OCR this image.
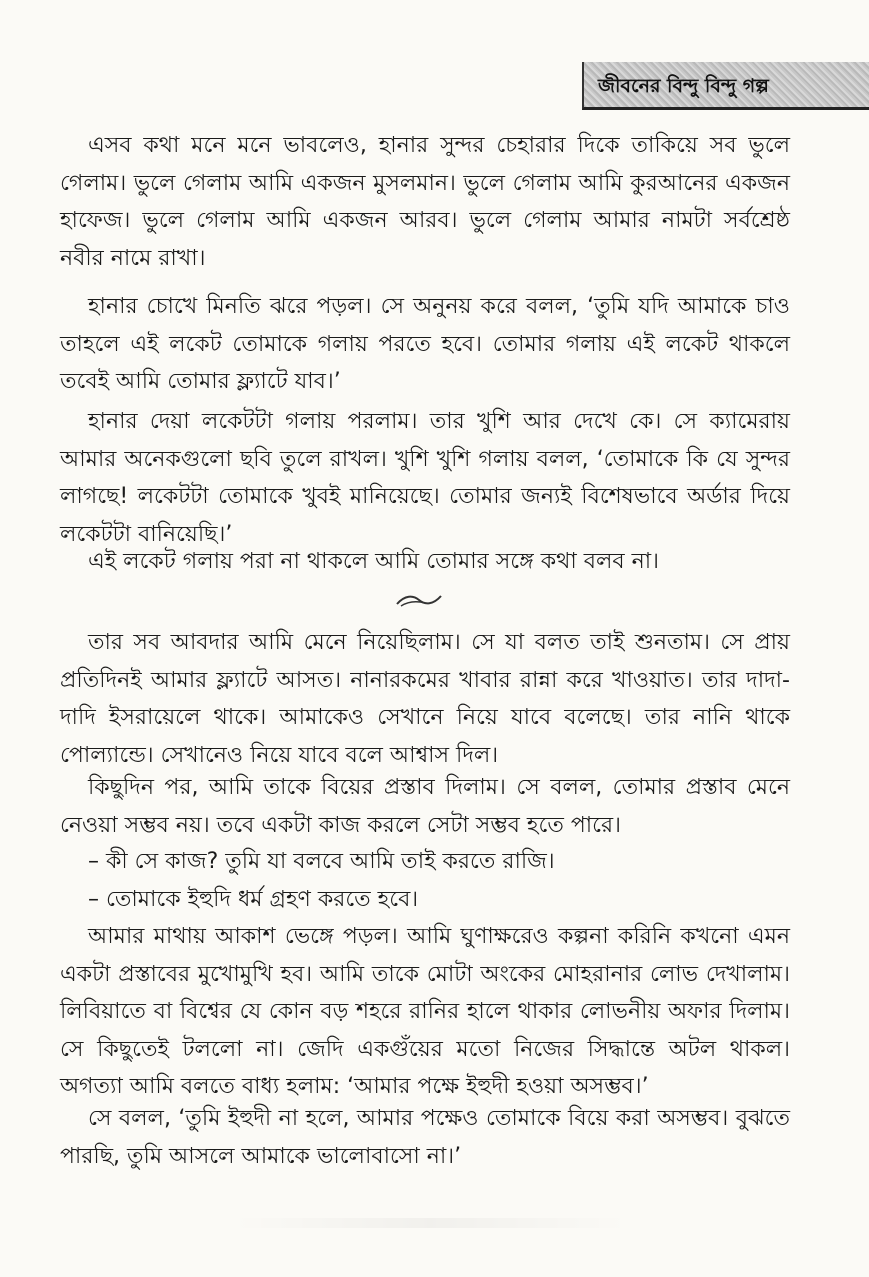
জীবনের বিন্দু বিন্দু গল্প

এসব কথা মনে মনে ভাবলেও, হানার সুন্দর চেহারার দিকে তাকিয়ে সব ভুলে গেলাম। ভুলে গেলাম আমি একজন মুসলমান। ভুলে গেলাম আমি কুরআনের একজন হাফেজ। ভুলে গেলাম আমি একজন আরব। ভুলে গেলাম আমার নামটা সর্বশ্রেষ্ঠ নবীর নামে রাখা।

হানার চোখে মিনতি ঝরে পড়ল। সে অনুনয় করে বলল, ‘তুমি যদি আমাকে চাও তাহলে এই লকেট তোমাকে গলায় পরতে হবে। তোমার গলায় এই লকেট থাকলে তবেই আমি তোমার ফ্ল্যাটে যাব।’

হানার দেয়া লকেটটা গলায় পরলাম। তার খুশি আর দেখে কে। সে ক্যামেরায় আমার অনেকগুলো ছবি তুলে রাখল। খুশি খুশি গলায় বলল, ‘তোমাকে কি যে সুন্দর লাগছে! লকেটটা তোমাকে খুবই মানিয়েছে। তোমার জন্যই বিশেষভাবে অর্ডার দিয়ে লকেটটা বানিয়েছি।’

এই লকেট গলায় পরা না থাকলে আমি তোমার সঙ্গে কথা বলব না।

তার সব আবদার আমি মেনে নিয়েছিলাম। সে যা বলত তাই শুনতাম। সে প্রায় প্রতিদিনই আমার ফ্ল্যাটে আসত। নানারকমের খাবার রান্না করে খাওয়াত। তার দাদা-দাদি ইসরায়েলে থাকে। আমাকেও সেখানে নিয়ে যাবে বলেছে। তার নানি থাকে পোল্যান্ডে। সেখানেও নিয়ে যাবে বলে আশ্বাস দিল।

কিছুদিন পর, আমি তাকে বিয়ের প্রস্তাব দিলাম। সে বলল, তোমার প্রস্তাব মেনে নেওয়া সম্ভব নয়। তবে একটা কাজ করলে সেটা সম্ভব হতে পারে।

– কী সে কাজ? তুমি যা বলবে আমি তাই করতে রাজি।

– তোমাকে ইহুদি ধর্ম গ্রহণ করতে হবে।

আমার মাথায় আকাশ ভেঙ্গে পড়ল। আমি ঘুণাক্ষরেও কল্পনা করিনি কখনো এমন একটা প্রস্তাবের মুখোমুখি হব। আমি তাকে মোটা অংকের মোহরানার লোভ দেখালাম। লিবিয়াতে বা বিশ্বের যে কোন বড় শহরে রানির হালে থাকার লোভনীয় অফার দিলাম। সে কিছুতেই টললো না। জেদি একগুঁয়ের মতো নিজের সিদ্ধান্তে অটল থাকল। অগত্যা আমি বলতে বাধ্য হলাম: ‘আমার পক্ষে ইহুদী হওয়া অসম্ভব।’

সে বলল, ‘তুমি ইহুদী না হলে, আমার পক্ষেও তোমাকে বিয়ে করা অসম্ভব। বুঝতে পারছি, তুমি আসলে আমাকে ভালোবাসো না।’
